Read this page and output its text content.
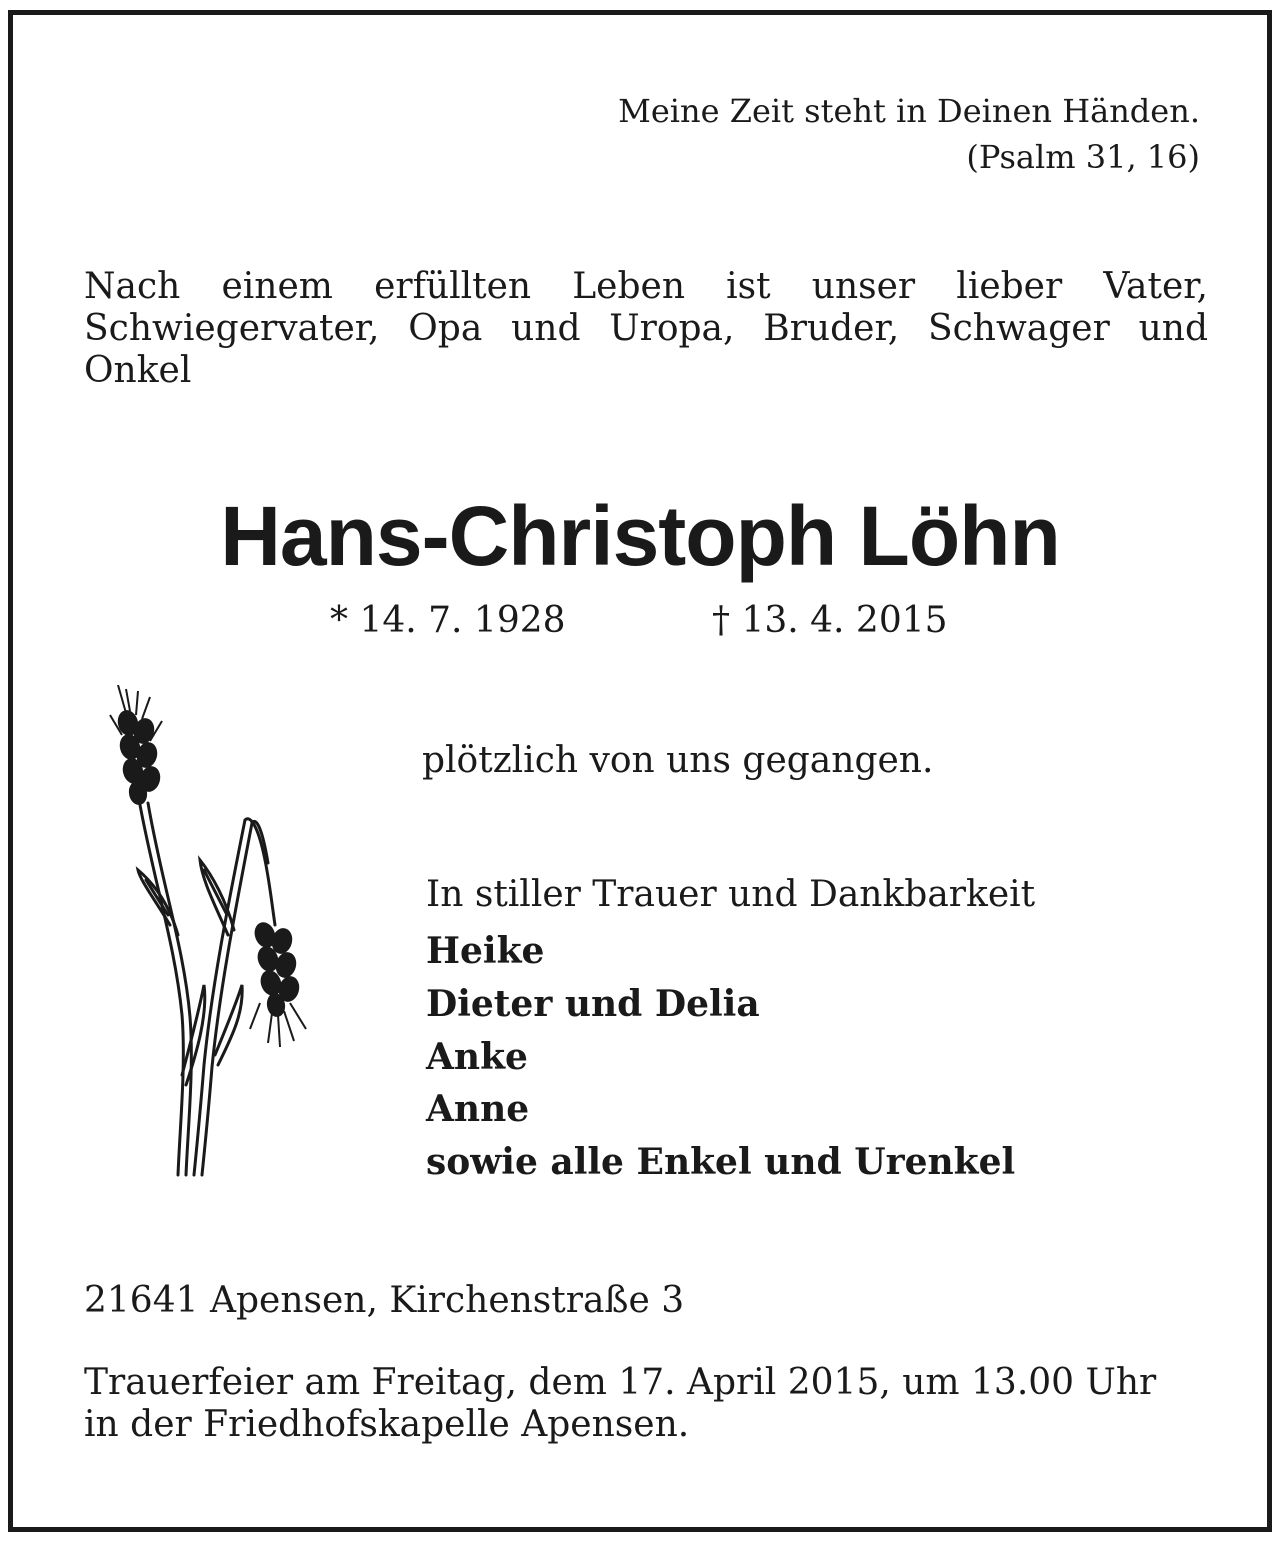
Meine Zeit steht in Deinen Händen.
(Psalm 31, 16)
Nach einem erfüllten Leben ist unser lieber Vater,
Schwiegervater, Opa und Uropa, Bruder, Schwager und
Onkel
Hans-Christoph Löhn
* 14. 7. 1928	† 13. 4. 2015
plötzlich von uns gegangen.
In stiller Trauer und Dankbarkeit
Heike
Dieter und Delia
Anke
Anne
sowie alle Enkel und Urenkel
21641 Apensen, Kirchenstraße 3
Trauerfeier am Freitag, dem 17. April 2015, um 13.00 Uhr
in der Friedhofskapelle Apensen.
